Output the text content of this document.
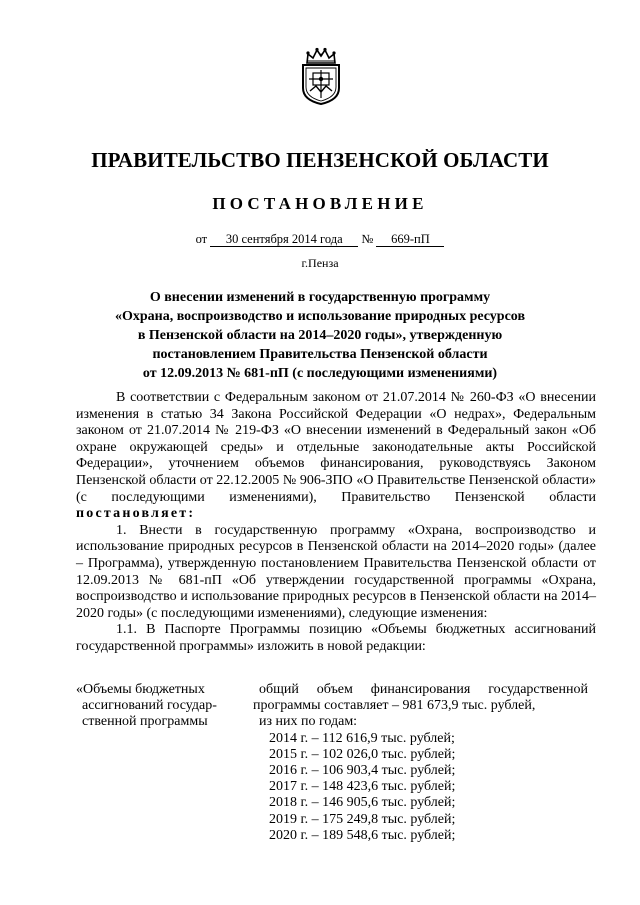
ПРАВИТЕЛЬСТВО ПЕНЗЕНСКОЙ ОБЛАСТИ
ПОСТАНОВЛЕНИЕ
от 30 сентября 2014 года № 669-пП
г.Пенза
О внесении изменений в государственную программу
«Охрана, воспроизводство и использование природных ресурсов
в Пензенской области на 2014–2020 годы», утвержденную
постановлением Правительства Пензенской области
от 12.09.2013 № 681-пП (с последующими изменениями)

В соответствии с Федеральным законом от 21.07.2014 № 260-ФЗ «О внесении изменения в статью 34 Закона Российской Федерации «О недрах», Федеральным законом от 21.07.2014 № 219-ФЗ «О внесении изменений в Федеральный закон «Об охране окружающей среды» и отдельные законодательные акты Российской Федерации», уточнением объемов финансирования, руководствуясь Законом Пензенской области от 22.12.2005 № 906-ЗПО «О Правительстве Пензенской области» (с последующими изменениями), Правительство Пензенской области постановляет:

1. Внести в государственную программу «Охрана, воспроизводство и использование природных ресурсов в Пензенской области на 2014–2020 годы» (далее – Программа), утвержденную постановлением Правительства Пензенской области от 12.09.2013 № 681-пП «Об утверждении государственной программы «Охрана, воспроизводство и использование природных ресурсов в Пензенской области на 2014–2020 годы» (с последующими изменениями), следующие изменения:

1.1. В Паспорте Программы позицию «Объемы бюджетных ассигнований государственной программы» изложить в новой редакции:

«Объемы бюджетных
ассигнований государ-
ственной программы

общий объем финансирования государственной программы составляет – 981 673,9 тыс. рублей,

из них по годам:

2014 г. – 112 616,9 тыс. рублей;
2015 г. – 102 026,0 тыс. рублей;
2016 г. – 106 903,4 тыс. рублей;
2017 г. – 148 423,6 тыс. рублей;
2018 г. – 146 905,6 тыс. рублей;
2019 г. – 175 249,8 тыс. рублей;
2020 г. – 189 548,6 тыс. рублей;
